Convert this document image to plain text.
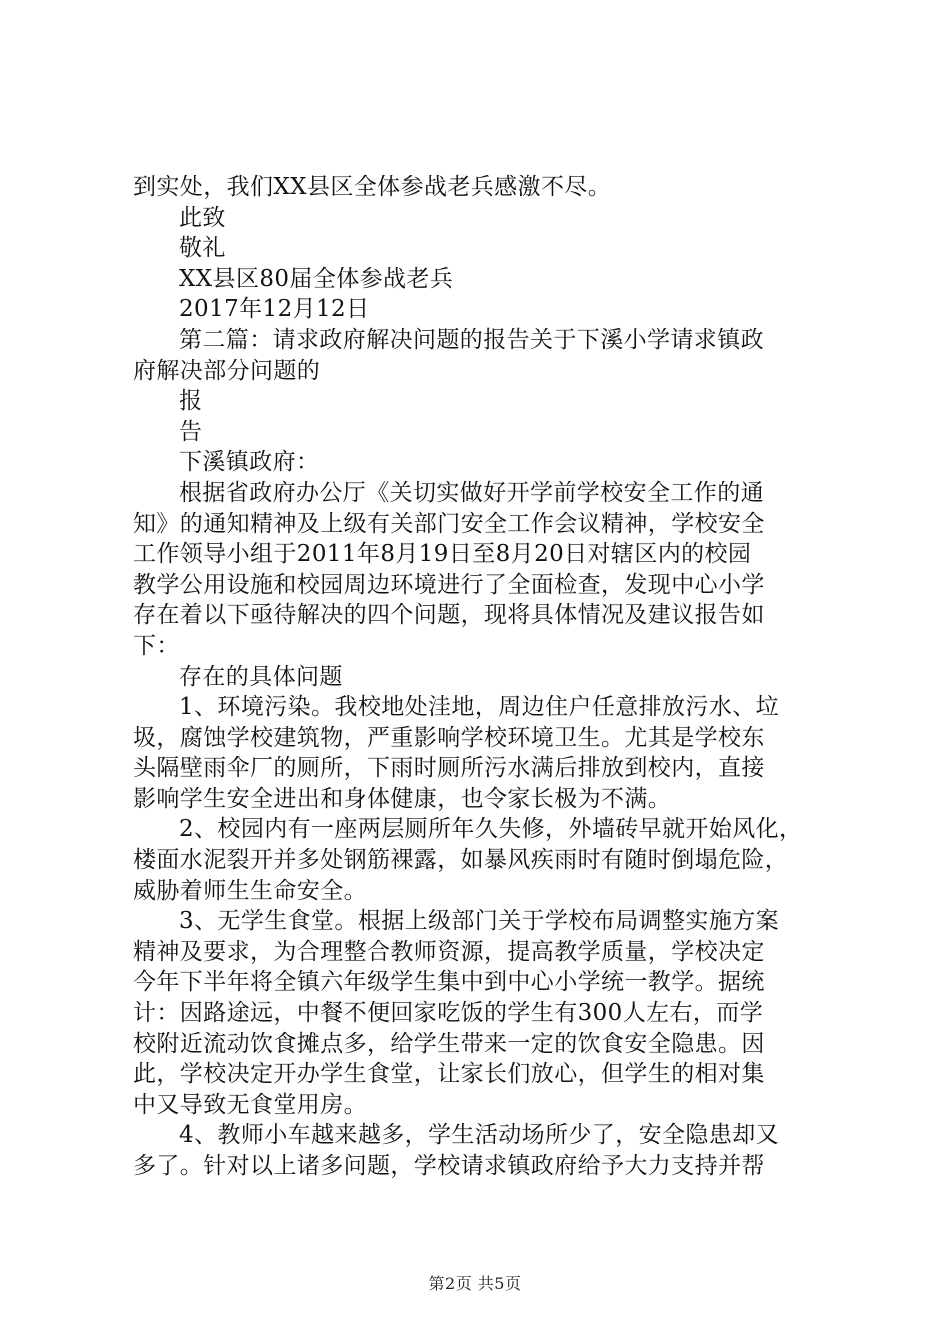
到实处，我们XX县区全体参战老兵感激不尽。
此致
敬礼
XX县区80届全体参战老兵
2017年12月12日
第二篇：请求政府解决问题的报告关于下溪小学请求镇政
府解决部分问题的
报
告
下溪镇政府：
根据省政府办公厅《关切实做好开学前学校安全工作的通
知》的通知精神及上级有关部门安全工作会议精神，学校安全
工作领导小组于2011年8月19日至8月20日对辖区内的校园
教学公用设施和校园周边环境进行了全面检查，发现中心小学
存在着以下亟待解决的四个问题，现将具体情况及建议报告如
下：
存在的具体问题
1、环境污染。我校地处洼地，周边住户任意排放污水、垃
圾，腐蚀学校建筑物，严重影响学校环境卫生。尤其是学校东
头隔壁雨伞厂的厕所，下雨时厕所污水满后排放到校内，直接
影响学生安全进出和身体健康，也令家长极为不满。
2、校园内有一座两层厕所年久失修，外墙砖早就开始风化，
楼面水泥裂开并多处钢筋裸露，如暴风疾雨时有随时倒塌危险，
威胁着师生生命安全。
3、无学生食堂。根据上级部门关于学校布局调整实施方案
精神及要求，为合理整合教师资源，提高教学质量，学校决定
今年下半年将全镇六年级学生集中到中心小学统一教学。据统
计：因路途远，中餐不便回家吃饭的学生有300人左右，而学
校附近流动饮食摊点多，给学生带来一定的饮食安全隐患。因
此，学校决定开办学生食堂，让家长们放心，但学生的相对集
中又导致无食堂用房。
4、教师小车越来越多，学生活动场所少了，安全隐患却又
多了。针对以上诸多问题，学校请求镇政府给予大力支持并帮
第2页 共5页
